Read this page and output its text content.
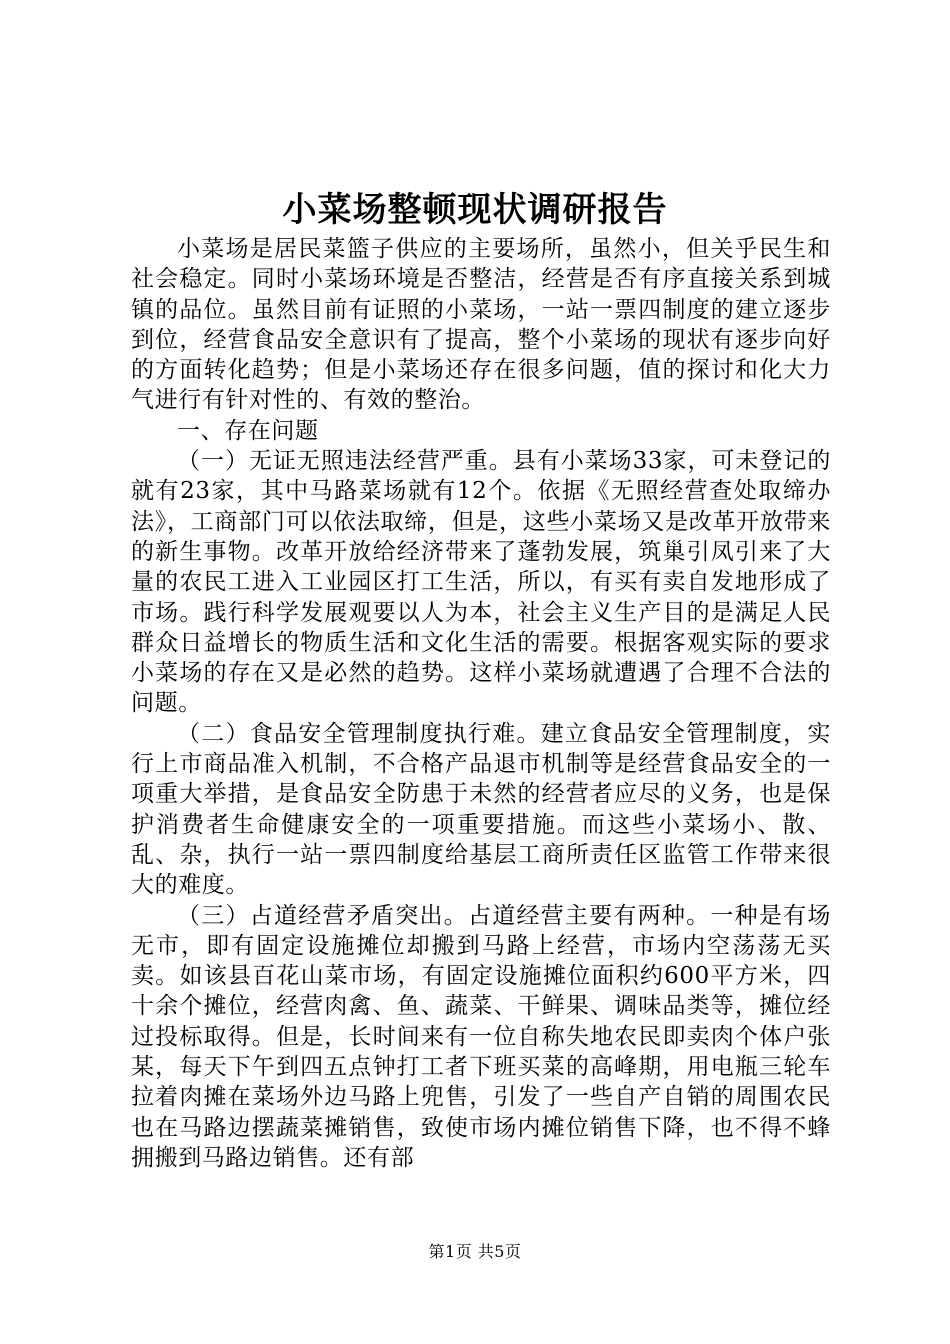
小菜场整顿现状调研报告

小菜场是居民菜篮子供应的主要场所，虽然小，但关乎民生和社会稳定。同时小菜场环境是否整洁，经营是否有序直接关系到城镇的品位。虽然目前有证照的小菜场，一站一票四制度的建立逐步到位，经营食品安全意识有了提高，整个小菜场的现状有逐步向好的方面转化趋势；但是小菜场还存在很多问题，值的探讨和化大力气进行有针对性的、有效的整治。

一、存在问题

（一）无证无照违法经营严重。县有小菜场33家，可未登记的就有23家，其中马路菜场就有12个。依据《无照经营查处取缔办法》，工商部门可以依法取缔，但是，这些小菜场又是改革开放带来的新生事物。改革开放给经济带来了蓬勃发展，筑巢引凤引来了大量的农民工进入工业园区打工生活，所以，有买有卖自发地形成了市场。践行科学发展观要以人为本，社会主义生产目的是满足人民群众日益增长的物质生活和文化生活的需要。根据客观实际的要求小菜场的存在又是必然的趋势。这样小菜场就遭遇了合理不合法的问题。

（二）食品安全管理制度执行难。建立食品安全管理制度，实行上市商品准入机制，不合格产品退市机制等是经营食品安全的一项重大举措，是食品安全防患于未然的经营者应尽的义务，也是保护消费者生命健康安全的一项重要措施。而这些小菜场小、散、乱、杂，执行一站一票四制度给基层工商所责任区监管工作带来很大的难度。

（三）占道经营矛盾突出。占道经营主要有两种。一种是有场无市，即有固定设施摊位却搬到马路上经营，市场内空荡荡无买卖。如该县百花山菜市场，有固定设施摊位面积约600平方米，四十余个摊位，经营肉禽、鱼、蔬菜、干鲜果、调味品类等，摊位经过投标取得。但是，长时间来有一位自称失地农民即卖肉个体户张某，每天下午到四五点钟打工者下班买菜的高峰期，用电瓶三轮车拉着肉摊在菜场外边马路上兜售，引发了一些自产自销的周围农民也在马路边摆蔬菜摊销售，致使市场内摊位销售下降，也不得不蜂拥搬到马路边销售。还有部

第1页 共5页
